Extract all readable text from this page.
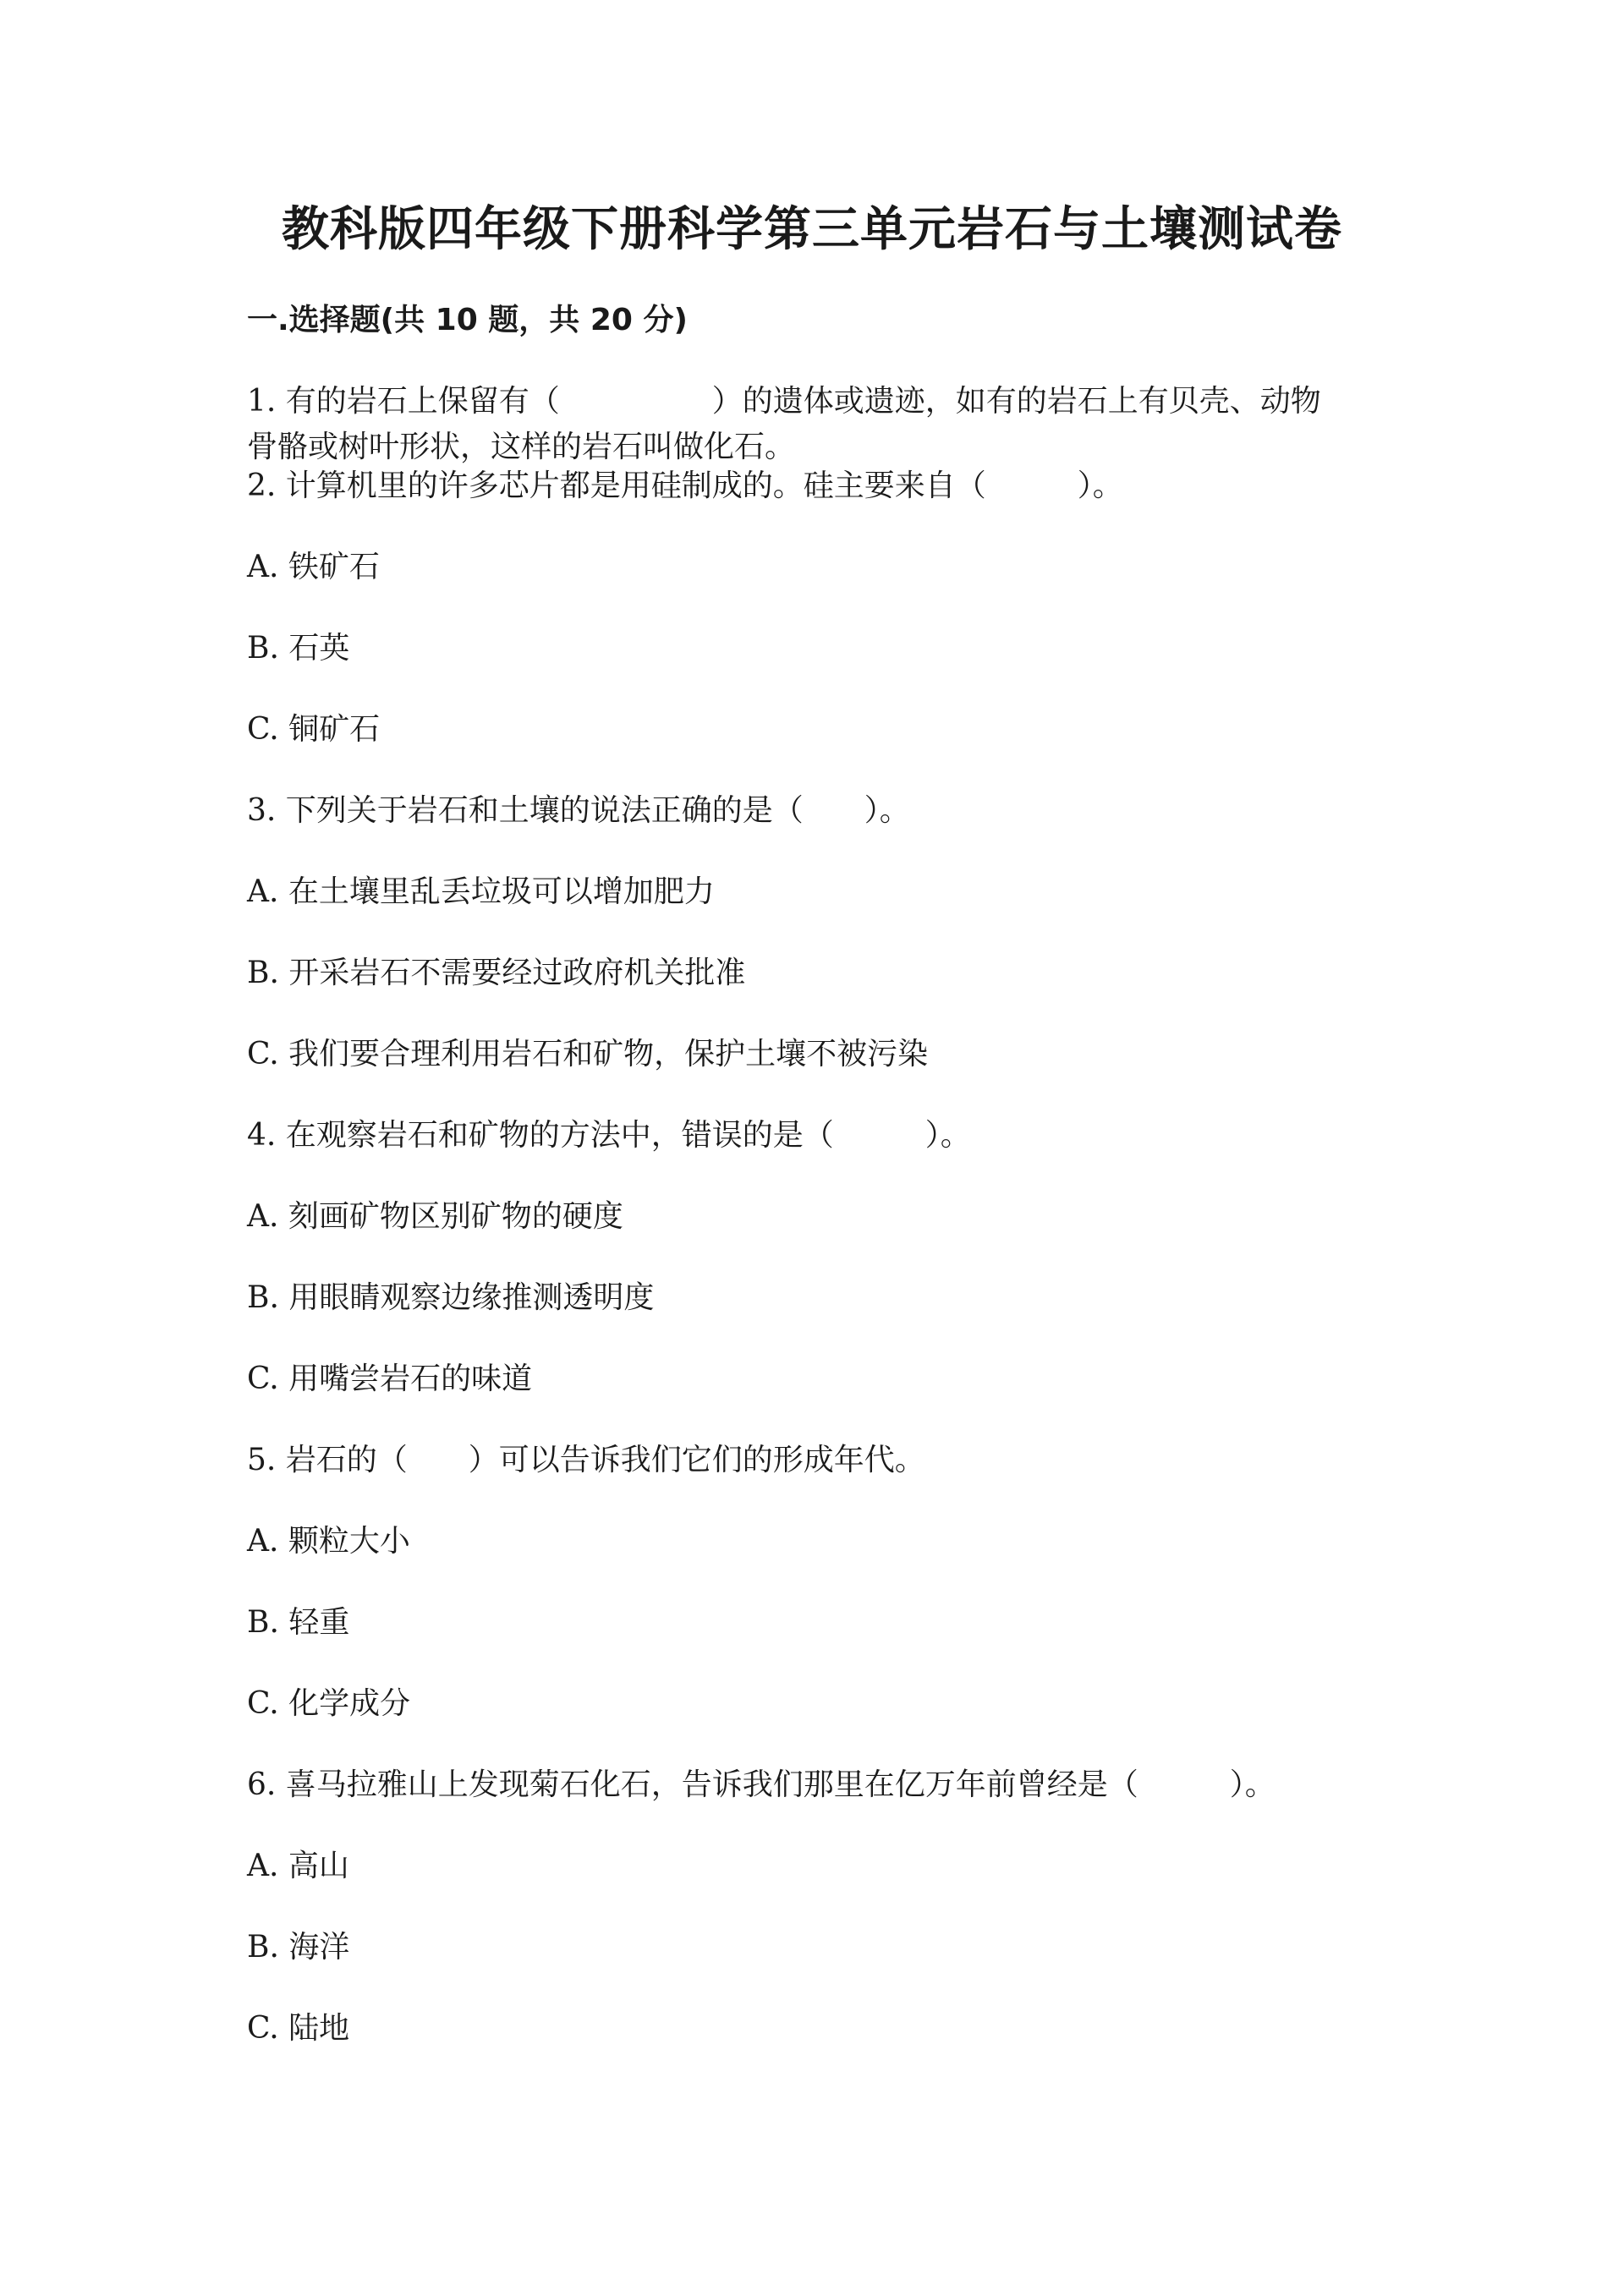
教科版四年级下册科学第三单元岩石与土壤测试卷
一.选择题(共 10 题，共 20 分)
1. 有的岩石上保留有（　　　　　）的遗体或遗迹，如有的岩石上有贝壳、动物
骨骼或树叶形状，这样的岩石叫做化石。

2. 计算机里的许多芯片都是用硅制成的。硅主要来自（　　　）。

A. 铁矿石

B. 石英

C. 铜矿石

3. 下列关于岩石和土壤的说法正确的是（　　）。

A. 在土壤里乱丢垃圾可以增加肥力

B. 开采岩石不需要经过政府机关批准

C. 我们要合理利用岩石和矿物，保护土壤不被污染

4. 在观察岩石和矿物的方法中，错误的是（　　　）。

A. 刻画矿物区别矿物的硬度

B. 用眼睛观察边缘推测透明度

C. 用嘴尝岩石的味道

5. 岩石的（　　）可以告诉我们它们的形成年代。

A. 颗粒大小

B. 轻重

C. 化学成分

6. 喜马拉雅山上发现菊石化石，告诉我们那里在亿万年前曾经是（　　　）。

A. 高山

B. 海洋

C. 陆地
